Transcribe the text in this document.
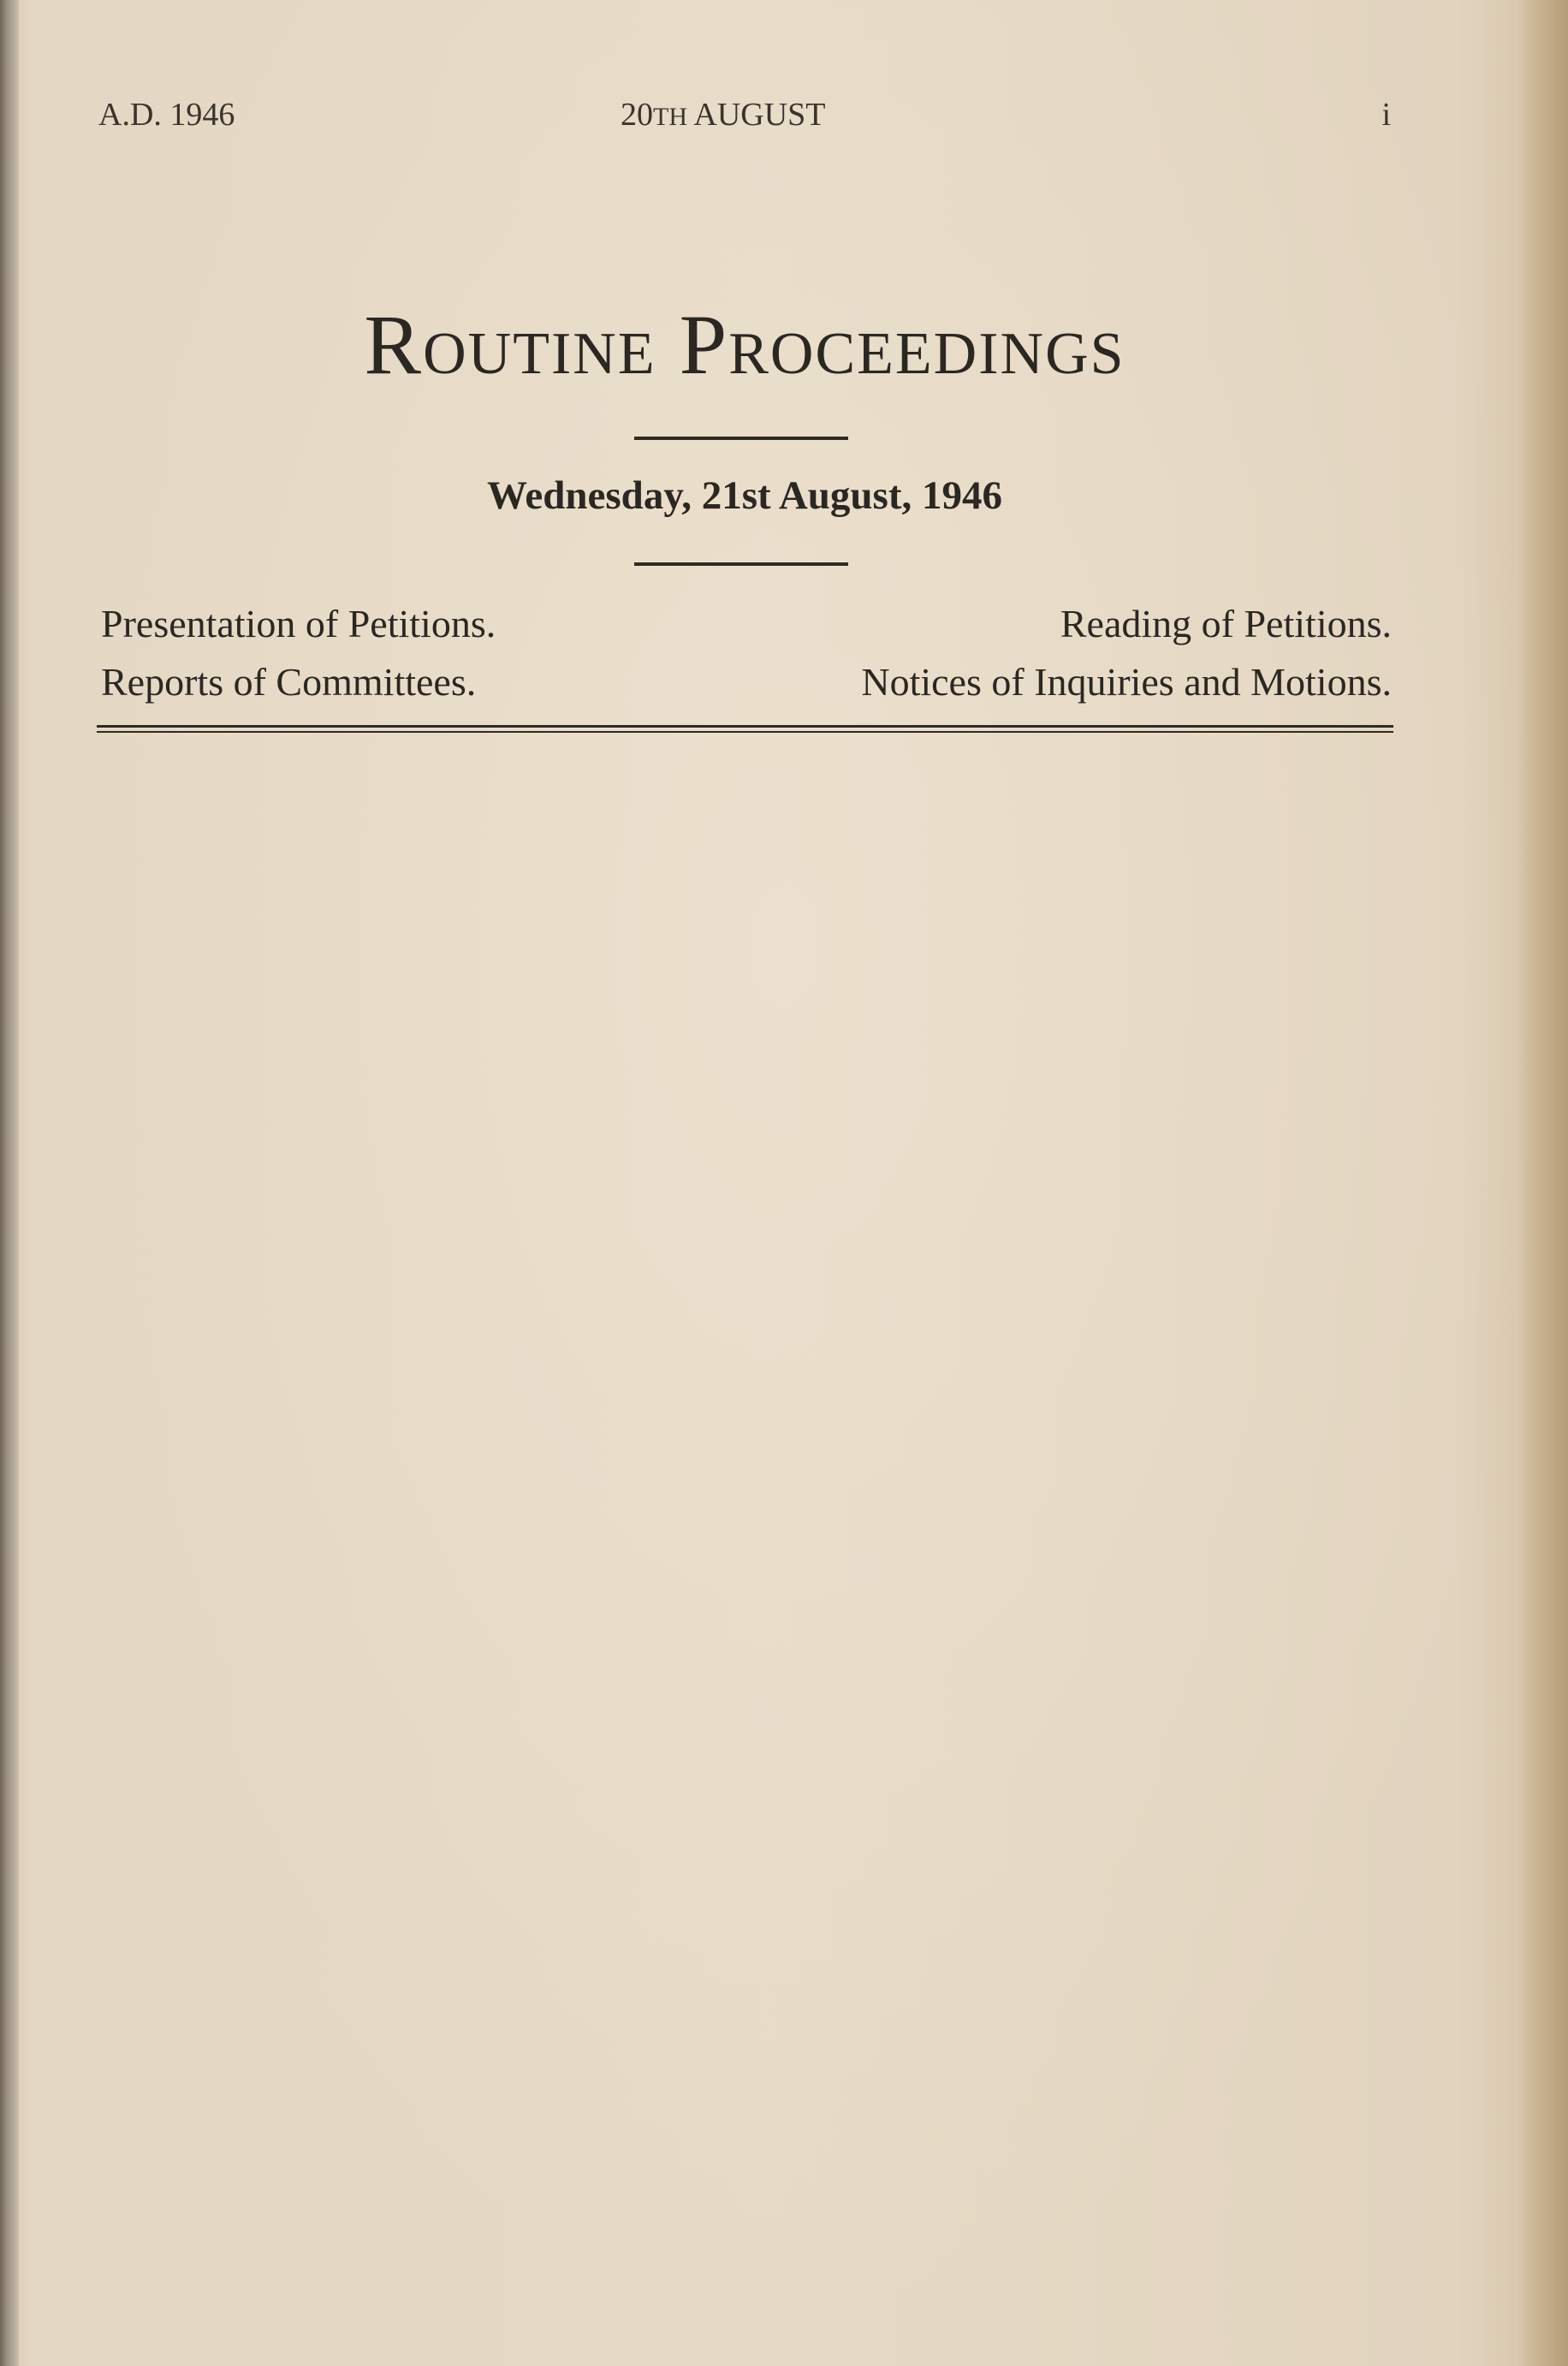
A.D. 1946	20TH AUGUST	i
Routine Proceedings
Wednesday, 21st August, 1946
Presentation of Petitions.	Reading of Petitions.
Reports of Committees.	Notices of Inquiries and Motions.
